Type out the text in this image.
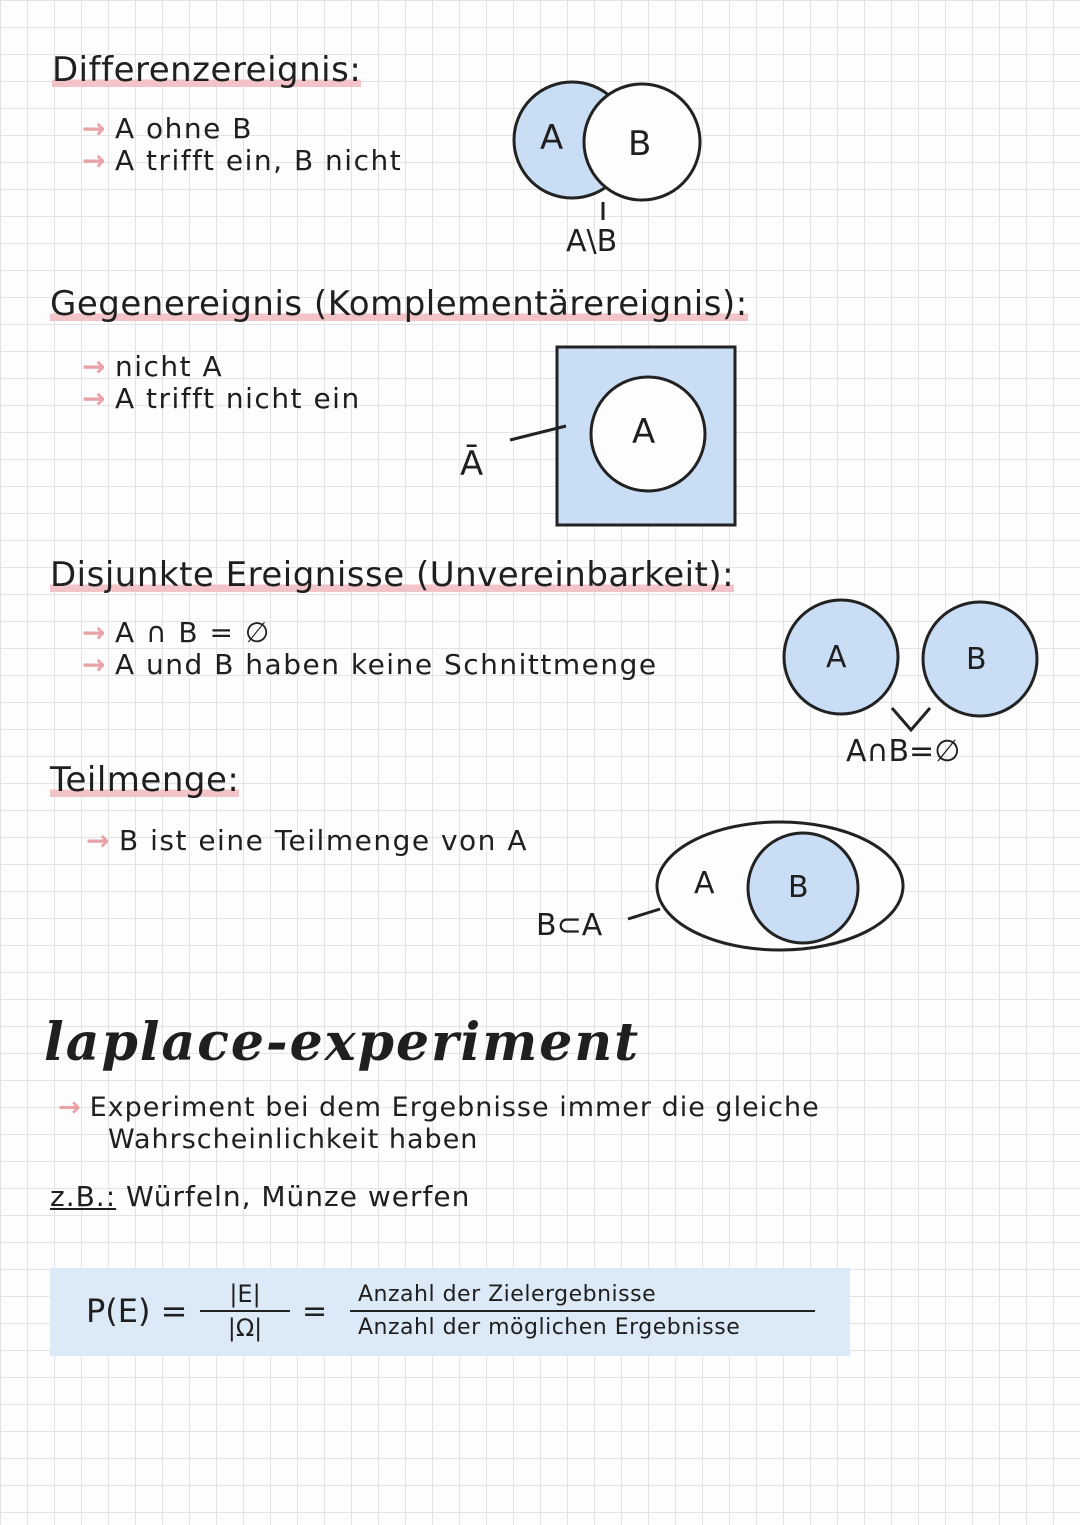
Differenzereignis:
→ A ohne B
→ A trifft ein, B nicht
A B
A\B
Gegenereignis (Komplementärereignis):
→ nicht A
→ A trifft nicht ein
A
Ā
Disjunkte Ereignisse (Unvereinbarkeit):
→ A ∩ B = ∅
→ A und B haben keine Schnittmenge	A	B
A∩B=∅
Teilmenge:
→ B ist eine Teilmenge von A
A B
B⊂A
laplace-experiment
→ Experiment bei dem Ergebnisse immer die gleiche
Wahrscheinlichkeit haben
z.B.: Würfeln, Münze werfen
P(E) =	|E|
|Ω|	=	Anzahl der Zielergebnisse
Anzahl der möglichen Ergebnisse
